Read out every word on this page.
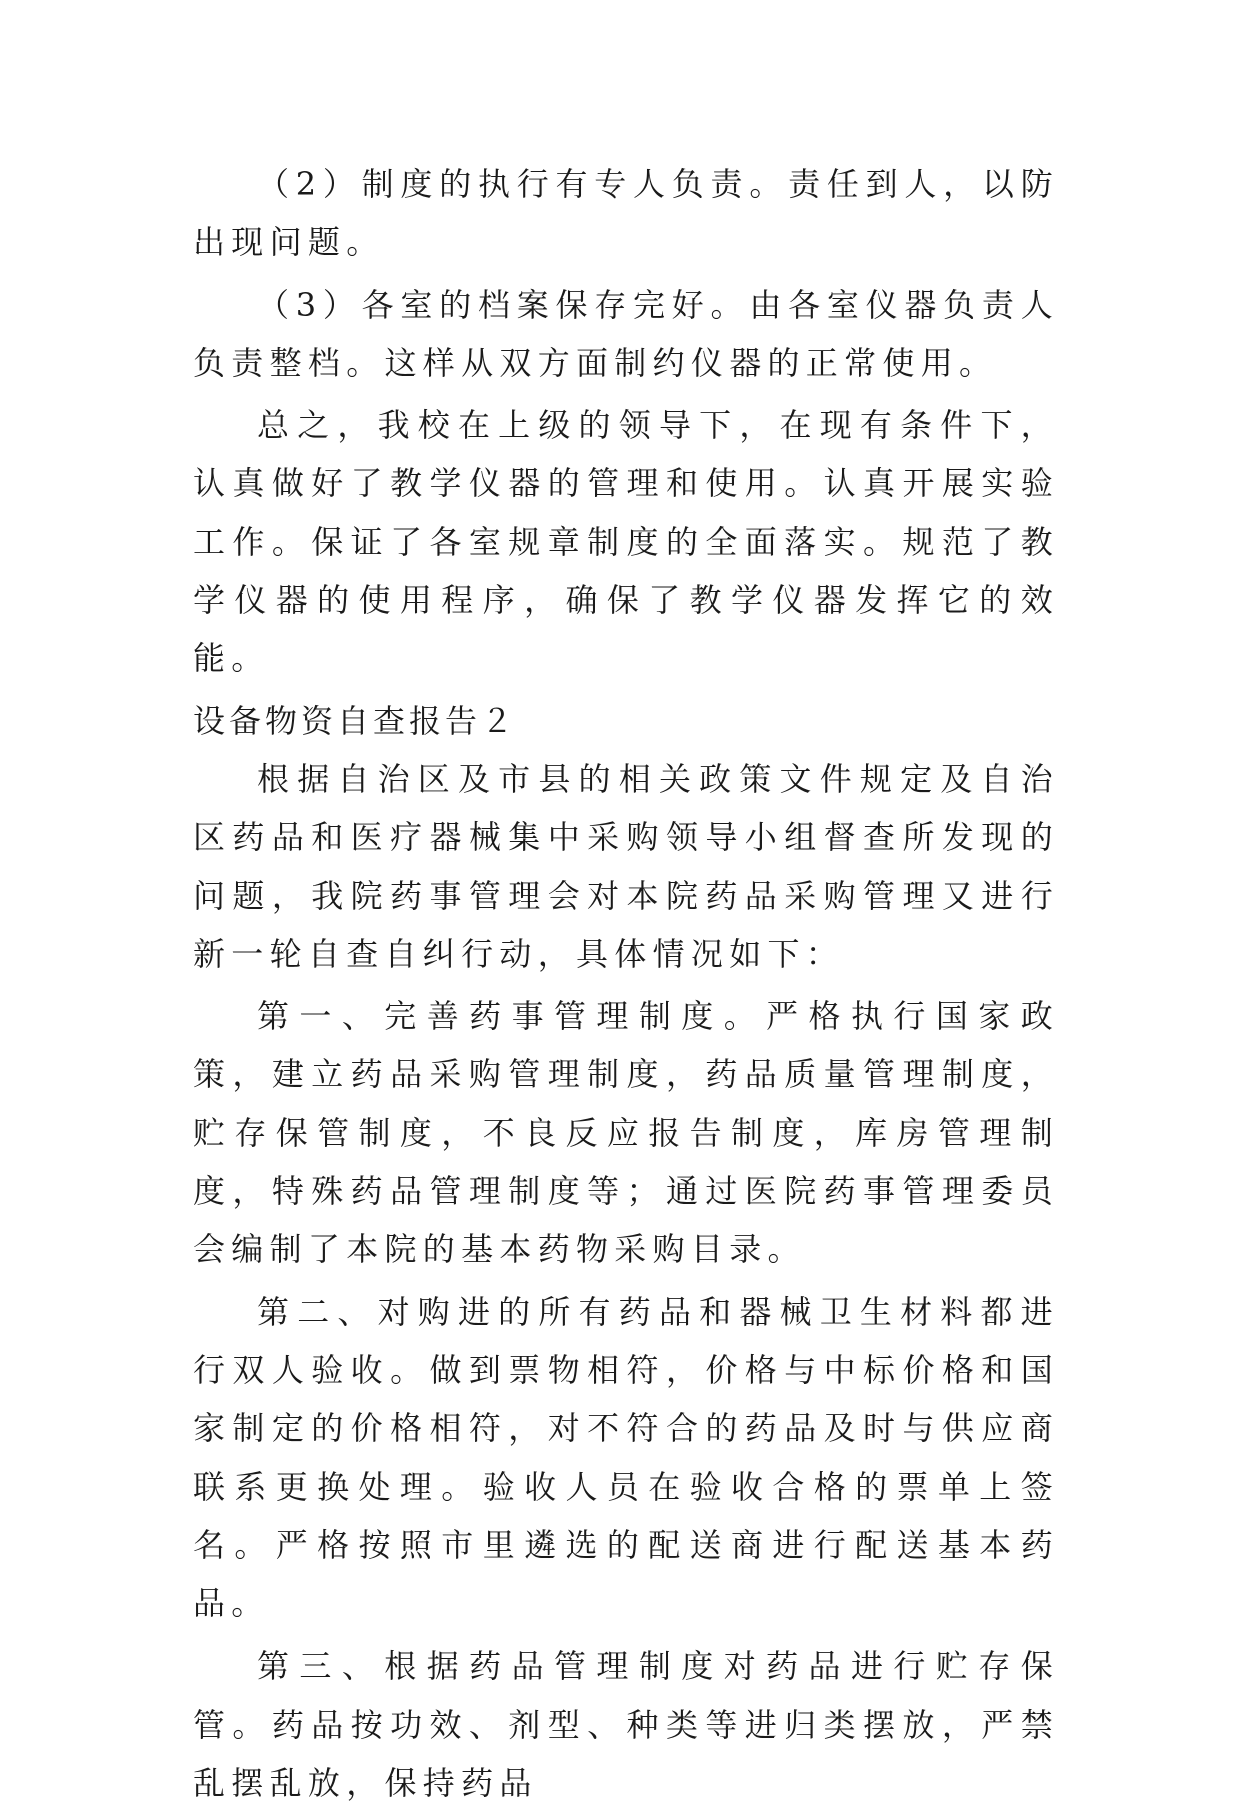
（2）制度的执行有专人负责。责任到人，以防出现问题。

（3）各室的档案保存完好。由各室仪器负责人负责整档。这样从双方面制约仪器的正常使用。

总之，我校在上级的领导下，在现有条件下，认真做好了教学仪器的管理和使用。认真开展实验工作。保证了各室规章制度的全面落实。规范了教学仪器的使用程序，确保了教学仪器发挥它的效能。

设备物资自查报告２

根据自治区及市县的相关政策文件规定及自治区药品和医疗器械集中采购领导小组督查所发现的问题，我院药事管理会对本院药品采购管理又进行新一轮自查自纠行动，具体情况如下：

第一、完善药事管理制度。严格执行国家政策，建立药品采购管理制度，药品质量管理制度，贮存保管制度，不良反应报告制度，库房管理制度，特殊药品管理制度等；通过医院药事管理委员会编制了本院的基本药物采购目录。

第二、对购进的所有药品和器械卫生材料都进行双人验收。做到票物相符，价格与中标价格和国家制定的价格相符，对不符合的药品及时与供应商联系更换处理。验收人员在验收合格的票单上签名。严格按照市里遴选的配送商进行配送基本药品。

第三、根据药品管理制度对药品进行贮存保管。药品按功效、剂型、种类等进归类摆放，严禁乱摆乱放，保持药品
